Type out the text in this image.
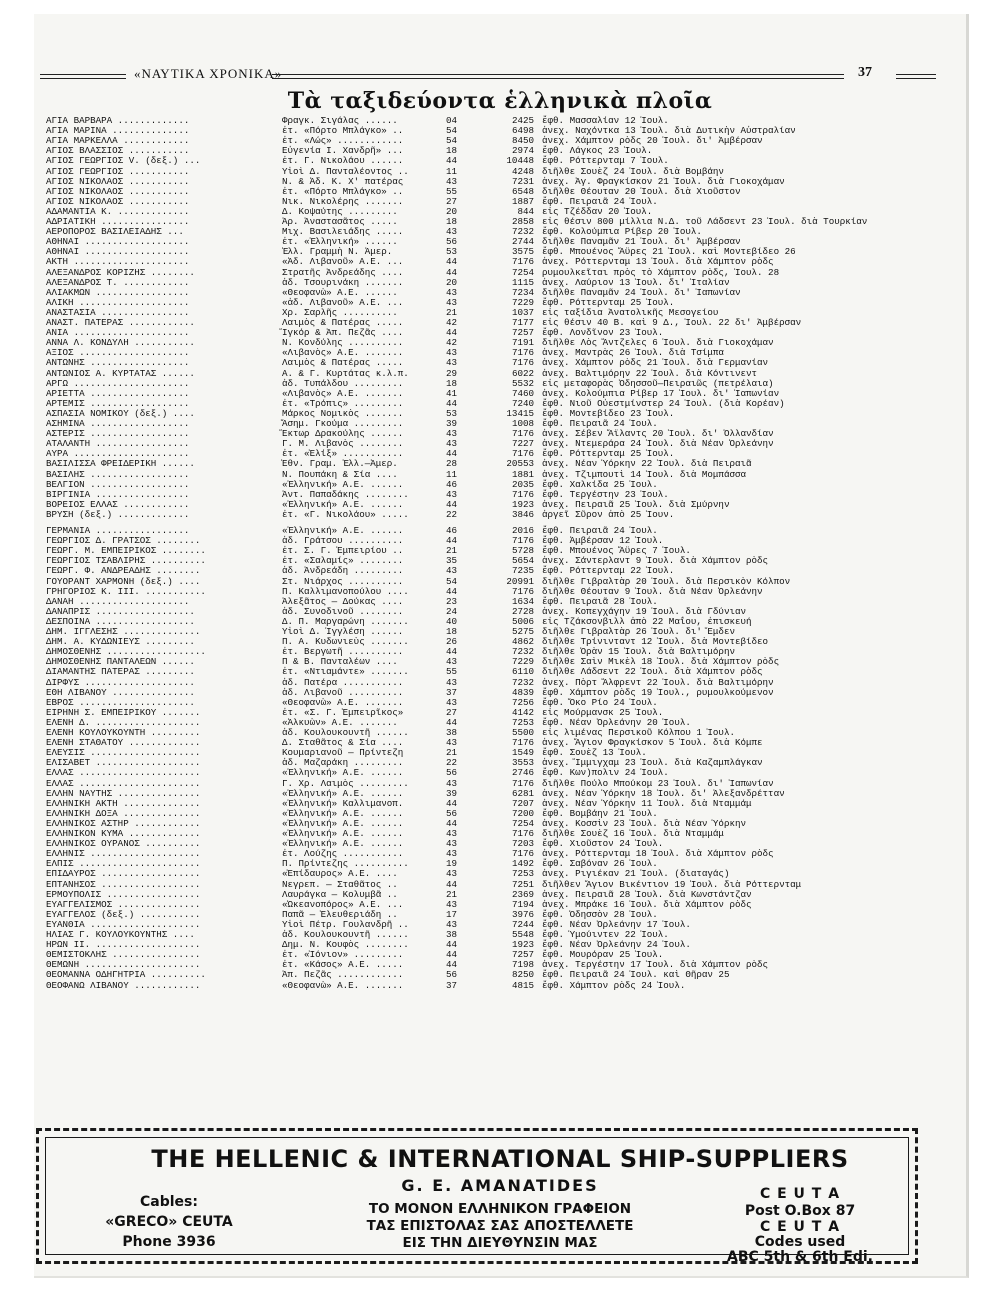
«ΝΑΥΤΙΚΑ ΧΡΟΝΙΚΑ»	37
Τὰ ταξιδεύοντα ἑλληνικὰ πλοῖα
ΑΓΙΑ ΒΑΡΒΑΡΑ .............	Φραγκ. Σιγάλας ......	04	2425 ἔφθ. Μασσαλίαν 12 Ἰουλ.
ΑΓΙΑ ΜΑΡΙΝΑ ..............	ἐτ. «Πόρτο Μπλάγκο» ..	54	6498 ἀνεχ. Ναχόντκα 13 Ἰουλ. διὰ Δυτικὴν Αὐστραλίαν
ΑΓΙΑ ΜΑΡΚΕΛΛΑ ............	ἐτ. «Λώς» ............	54	8450 ἀνεχ. Χάμπτον ρὸδς 20 Ἰουλ. δι' Ἀμβέρσαν
ΑΓΙΟΣ ΒΛΑΣΣΙΟΣ ...........	Εὐγενία Ι. Χανδρῆ» ...	18	2974 ἔφθ. Λάγκος 23 Ἰουλ.
ΑΓΙΟΣ ΓΕΩΡΓΙΟΣ V. (δεξ.) ...	ἐτ. Γ. Νικολάου ......	44	10448 ἔφθ. Ρόττερνταμ 7 Ἰουλ.
ΑΓΙΟΣ ΓΕΩΡΓΙΟΣ ...........	Υἱοὶ Δ. Πανταλέοντος ..	11	4248 διῆλθε Σουὲζ 24 Ἰουλ. διὰ Βομβάην
ΑΓΙΟΣ ΝΙΚΟΛΑΟΣ ...........	Ν. & Ἀδ. Κ. Χ' πατέρας	43	7231 ἀνεχ. Ἀγ. Φραγκίσκον 21 Ἰουλ. διὰ Γιοκοχάμαν
ΑΓΙΟΣ ΝΙΚΟΛΑΟΣ ...........	ἐτ. «Πόρτο Μπλάγκο» ..	55	6548 διῆλθε Θέουταν 20 Ἰουλ. διὰ Χιοῦστον
ΑΓΙΟΣ ΝΙΚΟΛΑΟΣ ...........	Νικ. Νικολέρης .......	27	1887 ἔφθ. Πειραιᾶ 24 Ἰουλ.
ΑΔΑΜΑΝΤΙΑ Κ. .............	Δ. Κοψαύτης .........	20	844 εἰς Τζέδδαν 20 Ἰουλ.
ΑΔΡΙΑΤΙΚΗ ................	Ἀρ. Ἀναστασᾶτος .....	18	2858 εἰς θέσιν 800 μίλλια Ν.Δ. τοῦ Λάδσεντ 23 Ἰουλ. διὰ Τουρκίαν
ΑΕΡΟΠΟΡΟΣ ΒΑΣΙΛΕΙΑΔΗΣ ...	Μιχ. Βασιλειάδης .....	43	7232 ἔφθ. Κολούμπια Ρίβερ 20 Ἰουλ.
ΑΘΗΝΑΙ ...................	ἐτ. «Ἑλληνική» ......	56	2744 διῆλθε Παναμᾶν 21 Ἰουλ. δι' Ἀμβέρσαν
ΑΘΗΝΑΙ ...................	Ἑλλ. Γραμμὴ Ν. Ἀμερ.	53	3575 ἔφθ. Μπουένος Ἄϋρες 21 Ἰουλ. καὶ Μοντεβίδεο 26
ΑΚΤΗ .....................	«Ἀδ. Λιβανοῦ» Α.Ε. ...	44	7176 ἀνεχ. Ρόττερνταμ 13 Ἰουλ. διὰ Χάμπτον ρὸδς
ΑΛΕΞΑΝΔΡΟΣ ΚΟΡΙΖΗΣ ........	Στρατῆς Ἀνδρεάδης ....	44	7254 ρυμουλκεῖται πρὸς τὸ Χάμπτον ρὸδς, Ἰουλ. 28
ΑΛΕΞΑΝΔΡΟΣ Τ. ............	ἀδ. Τσουρινάκη .......	20	1115 ἀνεχ. Λαύριον 13 Ἰουλ. δι' Ἰταλίαν
ΑΛΙΑΚΜΩΝ .................	«Θεοφανὼ» Α.Ε. ......	43	7234 διῆλθε Παναμᾶν 24 Ἰουλ. δι' Ἰαπωνίαν
ΑΛΙΚΗ ....................	«ἀδ. Λιβανοῦ» Α.Ε. ...	43	7229 ἔφθ. Ρόττερνταμ 25 Ἰουλ.
ΑΝΑΣΤΑΣΙΑ ................	Χρ. Σαρλῆς ..........	21	1037 εἰς ταξίδια Ἀνατολικῆς Μεσογείου
ΑΝΑΣΤ. ΠΑΤΕΡΑΣ ............	Λαιμὸς & Πατέρας .....	42	7177 εἰς θέσιν 40 Β. καὶ 9 Δ., Ἰουλ. 22 δι' Ἀμβέρσαν
ΑΝΙΑ .....................	Ἴγκόρ & Ἀπ. Πεζᾶς ....	44	7257 ἔφθ. Λονδῖνον 23 Ἰουλ.
ΑΝΝΑ Λ. ΚΟΝΔΥΛΗ ...........	Ν. Κονδύλης ..........	42	7191 διῆλθε Λὸς Ἄντζελες 6 Ἰουλ. διὰ Γιοκοχάμαν
ΑΞΙΟΣ ....................	«Λιβανὸς» Α.Ε. .......	43	7176 ἀνεχ. Μαντρὰς 26 Ἰουλ. διὰ Τσίμπα
ΑΝΤΩΝΗΣ ..................	Λαιμὸς & Πατέρας .....	43	7176 ἀνεχ. Χάμπτον ρὸδς 21 Ἰουλ. διὰ Γερμανίαν
ΑΝΤΩΝΙΟΣ Α. ΚΥΡΤΑΤΑΣ ......	Α. & Γ. Κυρτάτας κ.λ.π.	29	6022 ἀνεχ. Βαλτιμόρην 22 Ἰουλ. διὰ Κόντινεντ
ΑΡΓΩ .....................	ἀδ. Τυπάλδου .........	18	5532 εἰς μεταφορὰς Ὀδησσοῦ—Πειραιῶς (πετρέλαια)
ΑΡΙΕΤΤΑ ..................	«Λιβανὸς» Α.Ε. .......	41	7460 ἀνεχ. Κολούμπια Ρίβερ 17 Ἰουλ. δι' Ἰαπωνίαν
ΑΡΤΕΜΙΣ ..................	ἐτ. «Τρόπις» .........	44	7240 ἔφθ. Νιοῦ Οὐεστμίνστερ 24 Ἰουλ. (διὰ Κορέαν)
ΑΣΠΑΣΙΑ ΝΟΜΙΚΟΥ (δεξ.) ....	Μάρκος Νομικὸς .......	53	13415 ἔφθ. Μοντεβίδεο 23 Ἰουλ.
ΑΣΗΜΙΝΑ ..................	Ἄσημ. Γκούμα .........	39	1008 ἔφθ. Πειραιᾶ 24 Ἰουλ.
ΑΣΤΕΡΙΣ ..................	Ἕκτωρ Δρακούλης ......	43	7176 ἀνεχ. Σέβεν Ἄϊλαντς 20 Ἰουλ. δι' Ὁλλανδίαν
ΑΤΑΛΑΝΤΗ .................	Γ. Μ. Λιβανὸς ........	43	7227 ἀνεχ. Ντεμεράρα 24 Ἰουλ. διὰ Νέαν Ὀρλεάνην
ΑΥΡΑ .....................	ἐτ. «Ἐλίξ» ...........	44	7176 ἔφθ. Ρόττερνταμ 25 Ἰουλ.
ΒΑΣΙΛΙΣΣΑ ΦΡΕΙΔΕΡΙΚΗ ......	Ἐθν. Γραμ. Ἑλλ.—Ἀμερ.	28	20553 ἀνεχ. Νέαν Ὑόρκην 22 Ἰουλ. διὰ Πειραιᾶ
ΒΑΣΙΛΗΣ ..................	Ν. Πουπάκη & Σία ....	11	1881 ἀνεχ. Τζιμπουτὶ 14 Ἰουλ. διὰ Μομπάσσα
ΒΕΛΓΙΟΝ ..................	«Ἑλληνική» Α.Ε. ......	46	2035 ἔφθ. Χαλκίδα 25 Ἰουλ.
ΒΙΡΓΙΝΙΑ .................	Ἀντ. Παπαδάκης ........	43	7176 ἔφθ. Τεργέστην 23 Ἰουλ.
ΒΟΡΕΙΟΣ ΕΛΛΑΣ ............	«Ἑλληνική» Α.Ε. ......	44	1923 ἀνεχ. Πειραιᾶ 25 Ἰουλ. διὰ Σμύρνην
ΒΡΥΣΗ (δεξ.) .............	ἐτ. «Γ. Νικολάου» .....	22	3846 ἀργεῖ Σῦρον ἀπὸ 25 Ἰουν.
ΓΕΡΜΑΝΙΑ .................	«Ἑλληνική» Α.Ε. ......	46	2016 ἔφθ. Πειραιᾶ 24 Ἰουλ.
ΓΕΩΡΓΙΟΣ Δ. ΓΡΑΤΣΟΣ ........	ἀδ. Γράτσου ..........	44	7176 ἔφθ. Ἀμβέρσαν 12 Ἰουλ.
ΓΕΩΡΓ. Μ. ΕΜΠΕΙΡΙΚΟΣ ........	ἐτ. Σ. Γ. Ἐμπειρίου ..	21	5728 ἔφθ. Μπουένος Ἄϋρες 7 Ἰουλ.
ΓΕΩΡΓΙΟΣ ΤΣΑΒΛΙΡΗΣ ..........	ἐτ. «Σαλαμίς» ........	35	5654 ἀνεχ. Σάντερλαντ 9 Ἰουλ. διὰ Χάμπτον ρὸδς
ΓΕΩΡΓ. Φ. ΑΝΔΡΕΑΔΗΣ ........	ἀδ. Ἀνδρεάδη .........	43	7235 ἔφθ. Ρόττερνταμ 22 Ἰουλ.
ΓΟΥΟΡΑΝΤ ΧΑΡΜΟΝΗ (δεξ.) ....	Στ. Νιάρχος ..........	54	20991 διῆλθε Γιβραλτὰρ 20 Ἰουλ. διὰ Περσικὸν Κόλπον
ΓΡΗΓΟΡΙΟΣ Κ. ΙΙΙ. ...........	Π. Καλλιμανοπούλου ....	44	7176 διῆλθε Θέουταν 9 Ἰουλ. διὰ Νέαν Ὀρλεάνην
ΔΑΝΑΗ ....................	Ἀλεξᾶτος — Δούκας ....	23	1634 ἔφθ. Πειραιᾶ 28 Ἰουλ.
ΔΑΝΑΠΡΙΣ ..................	ἀδ. Συνοδινοῦ ........	24	2728 ἀνεχ. Κοπεγχάγην 19 Ἰουλ. διὰ Γδύνιαν
ΔΕΣΠΟΙΝΑ ..................	Δ. Π. Μαργαρώνη .......	40	5006 εἰς Τζάκσονβιλλ ἀπὸ 22 Μαΐου, ἐπισκευή
ΔΗΜ. ΙΓΓΛΕΣΗΣ ..............	Υἱοὶ Δ. Ἰγγλέση ......	18	5275 διῆλθε Γιβραλτὰρ 26 Ἰουλ. δι' Ἔμδεν
ΔΗΜ. Α. ΚΥΔΩΝΙΕΥΣ .........	Π. Α. Κυδωνιεὺς .......	26	4862 διῆλθε Τρίνινταντ 12 Ἰουλ. διὰ Μοντεβίδεο
ΔΗΜΟΣΘΕΝΗΣ ..................	ἐτ. Βεργωτῆ ..........	44	7232 διῆλθε Ὀρὰν 15 Ἰουλ. διὰ Βαλτιμόρην
ΔΗΜΟΣΘΕΝΗΣ ΠΑΝΤΑΛΕΩΝ ......	Π & Β. Πανταλέων ....	43	7229 διῆλθε Σαὶν Μικὲλ 18 Ἰουλ. διὰ Χάμπτον ρὸδς
ΔΙΑΜΑΝΤΗΣ ΠΑΤΕΡΑΣ .........	ἐτ. «Ντιαμάντε» .......	55	6110 διῆλθε Λάδσεντ 22 Ἰουλ. διὰ Χάμπτον ρὸδς
ΔΙΡΦΥΣ ....................	ἀδ. Πατέρα ...........	43	7232 ἀνεχ. Πὸρτ Ἄλφρεντ 22 Ἰουλ. διὰ Βαλτιμόρην
ΕΘΗ ΛΙΒΑΝΟΥ ...............	ἀδ. Λιβανοῦ ..........	37	4839 ἔφθ. Χάμπτον ρὸδς 19 Ἰουλ., ρυμουλκούμενον
ΕΒΡΟΣ .....................	«Θεοφανὼ» Α.Ε. .......	43	7256 ἔφθ. Ὄκο Ρίο 24 Ἰουλ.
ΕΙΡΗΝΗ Σ. ΕΜΠΕΙΡΙΚΟΥ .......	ἐτ. «Σ. Γ. Ἐμπειρῖκος»	27	4142 εἰς Μούρμανσκ 25 Ἰουλ.
ΕΛΕΝΗ Δ. ...................	«Ἀλκυὼν» Α.Ε. .......	44	7253 ἔφθ. Νέαν Ὀρλεάνην 20 Ἰουλ.
ΕΛΕΝΗ ΚΟΥΛΟΥΚΟΥΝΤΗ .........	ἀδ. Κουλουκουντῆ ......	38	5500 εἰς λιμένας Περσικοῦ Κόλπου 1 Ἰουλ.
ΕΛΕΝΗ ΣΤΑΘΑΤΟΥ .............	Δ. Σταθᾶτος & Σία ....	43	7176 ἀνεχ. Ἅγιον Φραγκίσκον 5 Ἰουλ. διὰ Κόμπε
ΕΛΕΥΣΙΣ ....................	Κουμαριανοῦ — Πρίντεζη	21	1549 ἔφθ. Σουὲζ 13 Ἰουλ.
ΕΛΙΣΑΒΕΤ ...................	ἀδ. Μαζαράκη .........	22	3553 ἀνεχ. Ἴμμιγχαμ 23 Ἰουλ. διὰ Καζαμπλάγκαν
ΕΛΛΑΣ ......................	«Ἑλληνική» Α.Ε. ......	56	2746 ἔφθ. Κων)πολιν 24 Ἰουλ.
ΕΛΛΑΣ ......................	Γ. Χρ. Λαιμὸς .........	43	7176 διῆλθε Πούλο Μπούκομ 23 Ἰουλ. δι' Ἰαπωνίαν
ΕΛΛΗΝ ΝΑΥΤΗΣ ...............	«Ἑλληνική» Α.Ε. ......	39	6281 ἀνεχ. Νέαν Ὑόρκην 18 Ἰουλ. δι' Ἀλεξανδρέτταν
ΕΛΛΗΝΙΚΗ ΑΚΤΗ ..............	«Ἑλληνική» Καλλιμανοπ.	44	7207 ἀνεχ. Νέαν Ὑόρκην 11 Ἰουλ. διὰ Νταμμάμ
ΕΛΛΗΝΙΚΗ ΔΟΞΑ ..............	«Ἑλληνική» Α.Ε. ......	56	7200 ἔφθ. Βομβάην 21 Ἰουλ.
ΕΛΛΗΝΙΚΟΣ ΑΣΤΗΡ ............	«Ἑλληνική» Α.Ε. ......	44	7254 ἀνεχ. Κοσσὶν 23 Ἰουλ. διὰ Νέαν Ὑόρκην
ΕΛΛΗΝΙΚΟΝ ΚΥΜΑ .............	«Ἑλληνική» Α.Ε. ......	43	7176 διῆλθε Σουὲζ 16 Ἰουλ. διὰ Νταμμάμ
ΕΛΛΗΝΙΚΟΣ ΟΥΡΑΝΟΣ ..........	«Ἑλληνική» Α.Ε. ......	43	7203 ἔφθ. Χιοῦστον 24 Ἰουλ.
ΕΛΛΗΝΙΣ ....................	ἐτ. Λούζης ...........	43	7176 ἀνεχ. Ρόττερνταμ 18 Ἰουλ. διὰ Χάμπτον ρὸδς
ΕΛΠΙΣ ......................	Π. Πρίντεζης ..........	19	1492 ἔφθ. Σαβόναν 26 Ἰουλ.
ΕΠΙΔΑΥΡΟΣ ..................	«Ἐπίδαυρος» Α.Ε. ....	43	7253 ἀνεχ. Ριγιέκαν 21 Ἰουλ. (διαταγάς)
ΕΠΤΑΝΗΣΟΣ ..................	Νεγρεπ. — Σταθᾶτος ..	44	7251 διῆλθεν Ἅγιον Βικέντιον 19 Ἰουλ. διὰ Ρόττερνταμ
ΕΡΜΟΥΠΟΛΙΣ .................	Λαυράγκα — Κολυμβᾶ ..	21	2369 ἀνεχ. Πειραιᾶ 28 Ἰουλ. διὰ Κωνστάντζαν
ΕΥΑΓΓΕΛΙΣΜΟΣ ...............	«Ὠκεανοπόρος» Α.Ε. ...	43	7194 ἀνεχ. Μπράκε 16 Ἰουλ. διὰ Χάμπτον ρὸδς
ΕΥΑΓΓΕΛΟΣ (δεξ.) ...........	Παπᾶ — Ἐλευθεριάδη ..	17	3976 ἔφθ. Ὀδησσὸν 28 Ἰουλ.
ΕΥΑΝΘΙΑ ....................	Υἱοὶ Πέτρ. Γουλανδρῆ ..	43	7244 ἔφθ. Νέαν Ὀρλεάνην 17 Ἰουλ.
ΗΛΙΑΣ Γ. ΚΟΥΛΟΥΚΟΥΝΤΗΣ ....	ἀδ. Κουλουκουντῆ ......	38	5548 ἔφθ. Ὑμούιντεν 22 Ἰουλ.
ΗΡΩΝ ΙΙ. ...................	Δημ. Ν. Κουφὸς ........	44	1923 ἔφθ. Νέαν Ὀρλεάνην 24 Ἰουλ.
ΘΕΜΙΣΤΟΚΛΗΣ ................	ἐτ. «Ἰόνιον» .........	44	7257 ἔφθ. Μουρόραν 25 Ἰουλ.
ΘΕΜΩΝΗ .....................	ἐτ. «Κάσος» Α.Ε. .....	44	7198 ἀνεχ. Τεργέστην 17 Ἰουλ. διὰ Χάμπτον ρὸδς
ΘΕΟΜΑΝΝΑ ΟΔΗΓΗΤΡΙΑ ..........	Ἀπ. Πεζᾶς ............	56	8250 ἔφθ. Πειραιᾶ 24 Ἰουλ. καὶ Θῆραν 25
ΘΕΟΦΑΝΩ ΛΙΒΑΝΟΥ ............	«Θεοφανὼ» Α.Ε. .......	37	4815 ἔφθ. Χάμπτον ρὸδς 24 Ἰουλ.
THE HELLENIC & INTERNATIONAL SHIP-SUPPLIERS
G. E. AMANATIDES
Cables:
«GRECO» CEUTA
Phone 3936
ΤΟ ΜΟΝΟΝ ΕΛΛΗΝΙΚΟΝ ΓΡΑΦΕΙΟΝ
ΤΑΣ ΕΠΙΣΤΟΛΑΣ ΣΑΣ ΑΠΟΣΤΕΛΛΕΤΕ
ΕΙΣ ΤΗΝ ΔΙΕΥΘΥΝΣΙΝ ΜΑΣ
C E U T A
Post O.Box 87
C E U T A
Codes used
ABC 5th & 6th Edi.
